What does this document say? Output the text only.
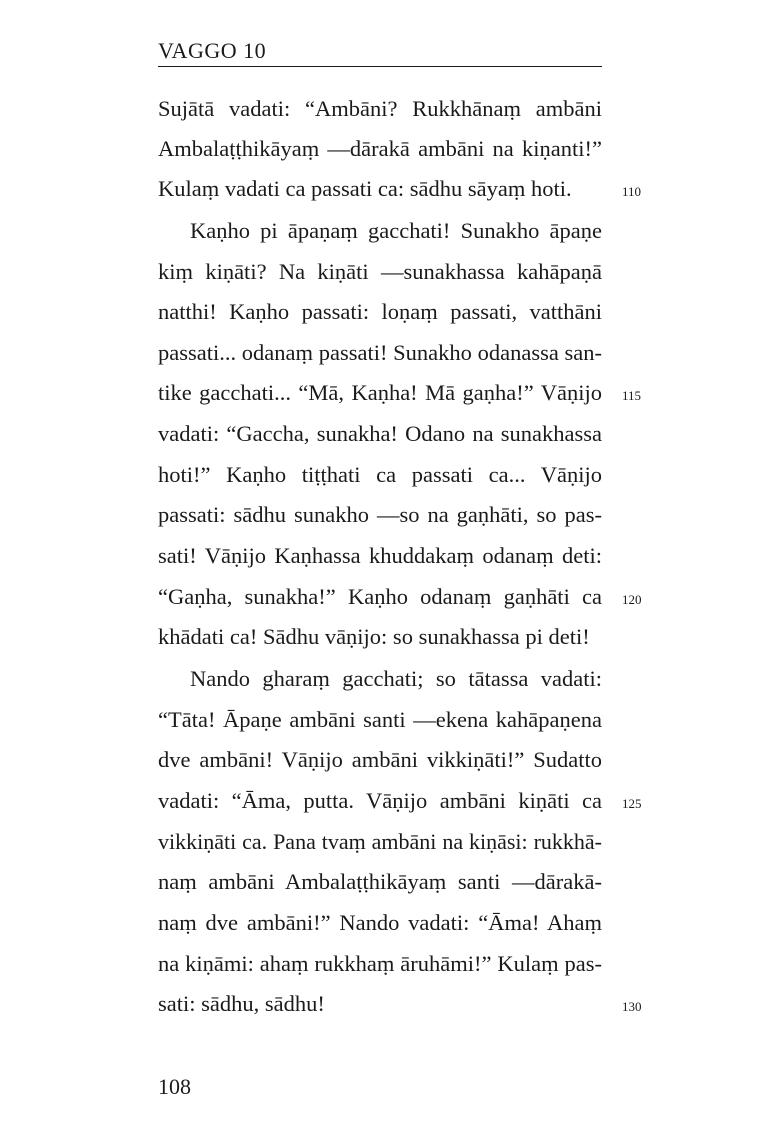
VAGGO 10
Sujātā vadati: “Ambāni? Rukkhānaṃ ambāni
Ambalaṭṭhikāyaṃ —dārakā ambāni na kiṇanti!”
Kulaṃ vadati ca passati ca: sādhu sāyaṃ hoti.	110
Kaṇho pi āpaṇaṃ gacchati! Sunakho āpaṇe
kiṃ kiṇāti? Na kiṇāti —sunakhassa kahāpaṇā
natthi! Kaṇho passati: loṇaṃ passati, vatthāni
passati... odanaṃ passati! Sunakho odanassa san-
tike gacchati... “Mā, Kaṇha! Mā gaṇha!” Vāṇijo 115
vadati: “Gaccha, sunakha! Odano na sunakhassa
hoti!” Kaṇho tiṭṭhati ca passati ca... Vāṇijo
passati: sādhu sunakho —so na gaṇhāti, so pas-
sati! Vāṇijo Kaṇhassa khuddakaṃ odanaṃ deti:
“Gaṇha, sunakha!” Kaṇho odanaṃ gaṇhāti ca 120
khādati ca! Sādhu vāṇijo: so sunakhassa pi deti!
Nando gharaṃ gacchati; so tātassa vadati:
“Tāta! Āpaṇe ambāni santi —ekena kahāpaṇena
dve ambāni! Vāṇijo ambāni vikkiṇāti!” Sudatto
vadati: “Āma, putta. Vāṇijo ambāni kiṇāti ca 125
vikkiṇāti ca. Pana tvaṃ ambāni na kiṇāsi: rukkhā-
naṃ ambāni Ambalaṭṭhikāyaṃ santi —dārakā-
naṃ dve ambāni!” Nando vadati: “Āma! Ahaṃ
na kiṇāmi: ahaṃ rukkhaṃ āruhāmi!” Kulaṃ pas-
sati: sādhu, sādhu!	130
108
